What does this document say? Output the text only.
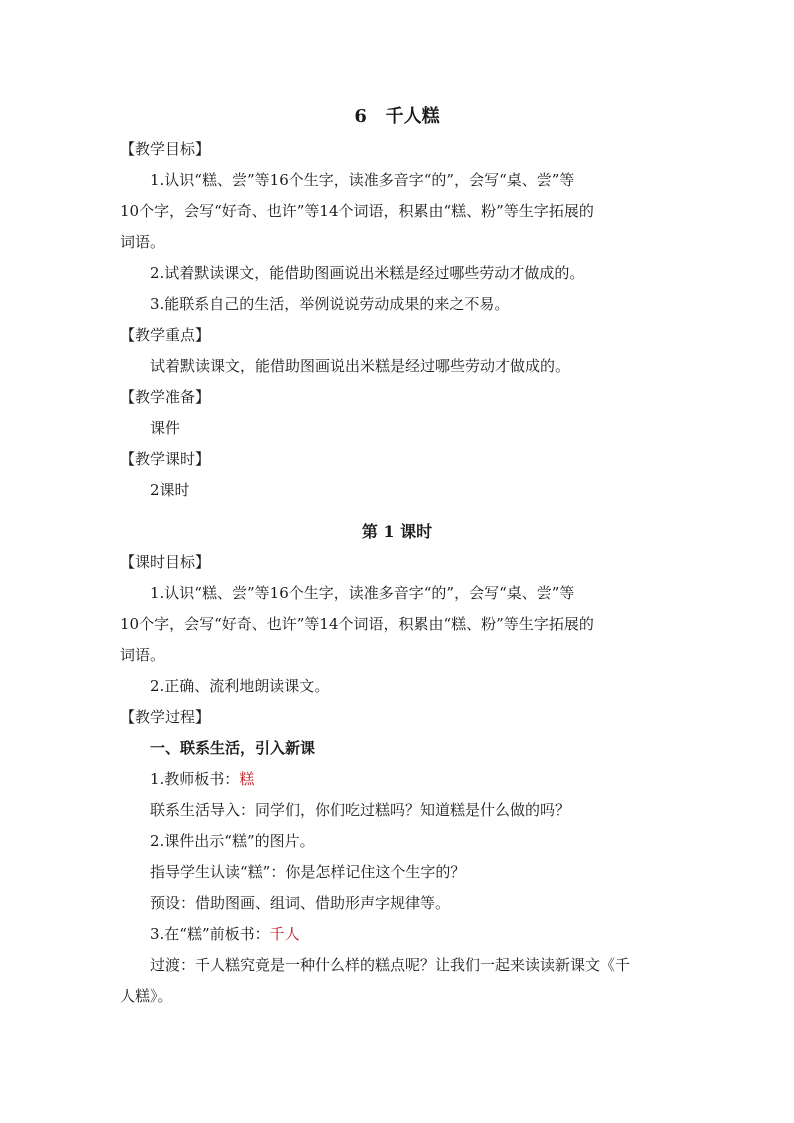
6   千人糕
【教学目标】
1.认识“糕、尝”等16个生字，读准多音字“的”，会写“桌、尝”等
10个字，会写“好奇、也许”等14个词语，积累由“糕、粉”等生字拓展的
词语。
2.试着默读课文，能借助图画说出米糕是经过哪些劳动才做成的。
3.能联系自己的生活，举例说说劳动成果的来之不易。
【教学重点】
试着默读课文，能借助图画说出米糕是经过哪些劳动才做成的。
【教学准备】
课件
【教学课时】
2课时
第 1 课时
【课时目标】
1.认识“糕、尝”等16个生字，读准多音字“的”，会写“桌、尝”等
10个字，会写“好奇、也许”等14个词语，积累由“糕、粉”等生字拓展的
词语。
2.正确、流利地朗读课文。
【教学过程】
一、联系生活，引入新课
1.教师板书：糕
联系生活导入：同学们，你们吃过糕吗？知道糕是什么做的吗？
2.课件出示“糕”的图片。
指导学生认读“糕”：你是怎样记住这个生字的？
预设：借助图画、组词、借助形声字规律等。
3.在“糕”前板书：千人
过渡：千人糕究竟是一种什么样的糕点呢？让我们一起来读读新课文《千
人糕》。
